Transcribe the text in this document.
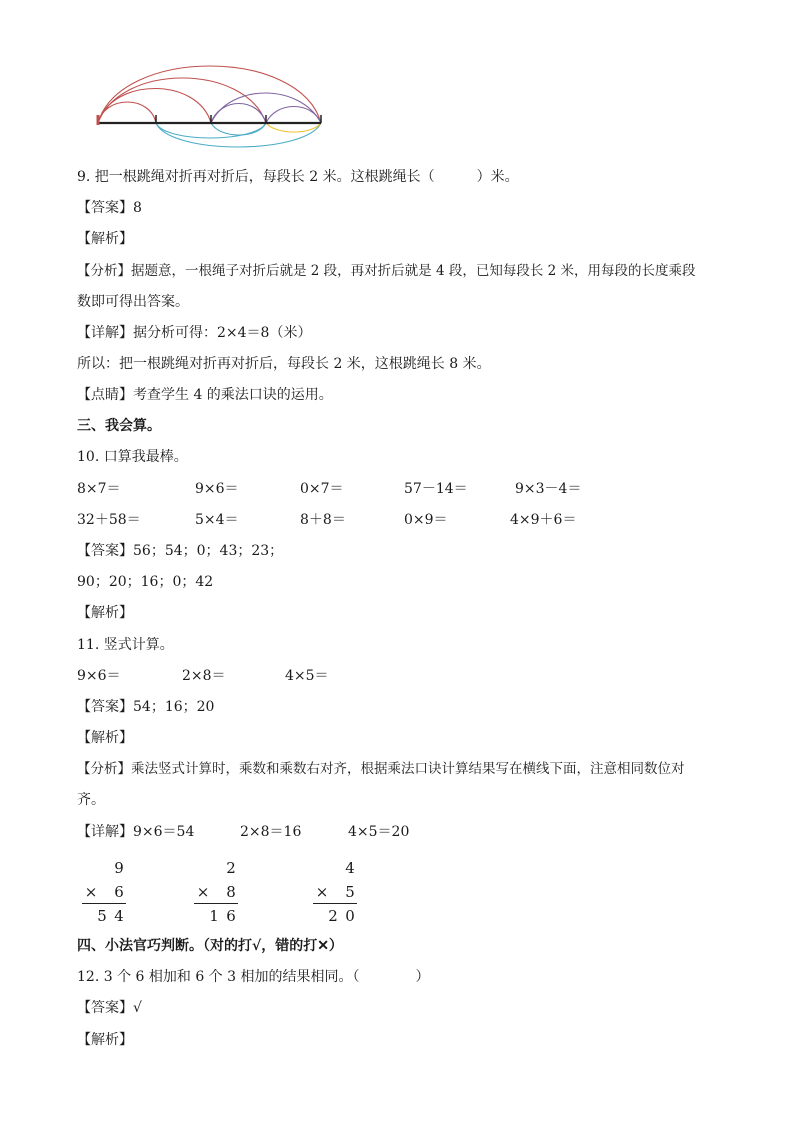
9. 把一根跳绳对折再对折后，每段长 2 米。这根跳绳长（　　　）米。
【答案】8
【解析】
【分析】据题意，一根绳子对折后就是 2 段，再对折后就是 4 段，已知每段长 2 米，用每段的长度乘段
数即可得出答案。
【详解】据分析可得：2×4＝8（米）
所以：把一根跳绳对折再对折后，每段长 2 米，这根跳绳长 8 米。
【点睛】考查学生 4 的乘法口诀的运用。
三、我会算。
10. 口算我最棒。
8×7＝	9×6＝	0×7＝	57－14＝	9×3－4＝
32＋58＝	5×4＝	8＋8＝	0×9＝	4×9＋6＝
【答案】56；54；0；43；23；
90；20；16；0；42
【解析】
11. 竖式计算。
9×6＝	2×8＝	4×5＝
【答案】54；16；20
【解析】
【分析】乘法竖式计算时，乘数和乘数右对齐，根据乘法口诀计算结果写在横线下面，注意相同数位对
齐。
【详解】9×6＝54	2×8＝16	4×5＝20
9
× 6
5 4
2
× 8
1 6
4
× 5
2 0
四、小法官巧判断。（对的打√，错的打✕）
12. 3 个 6 相加和 6 个 3 相加的结果相同。（　　　　）
【答案】√
【解析】
